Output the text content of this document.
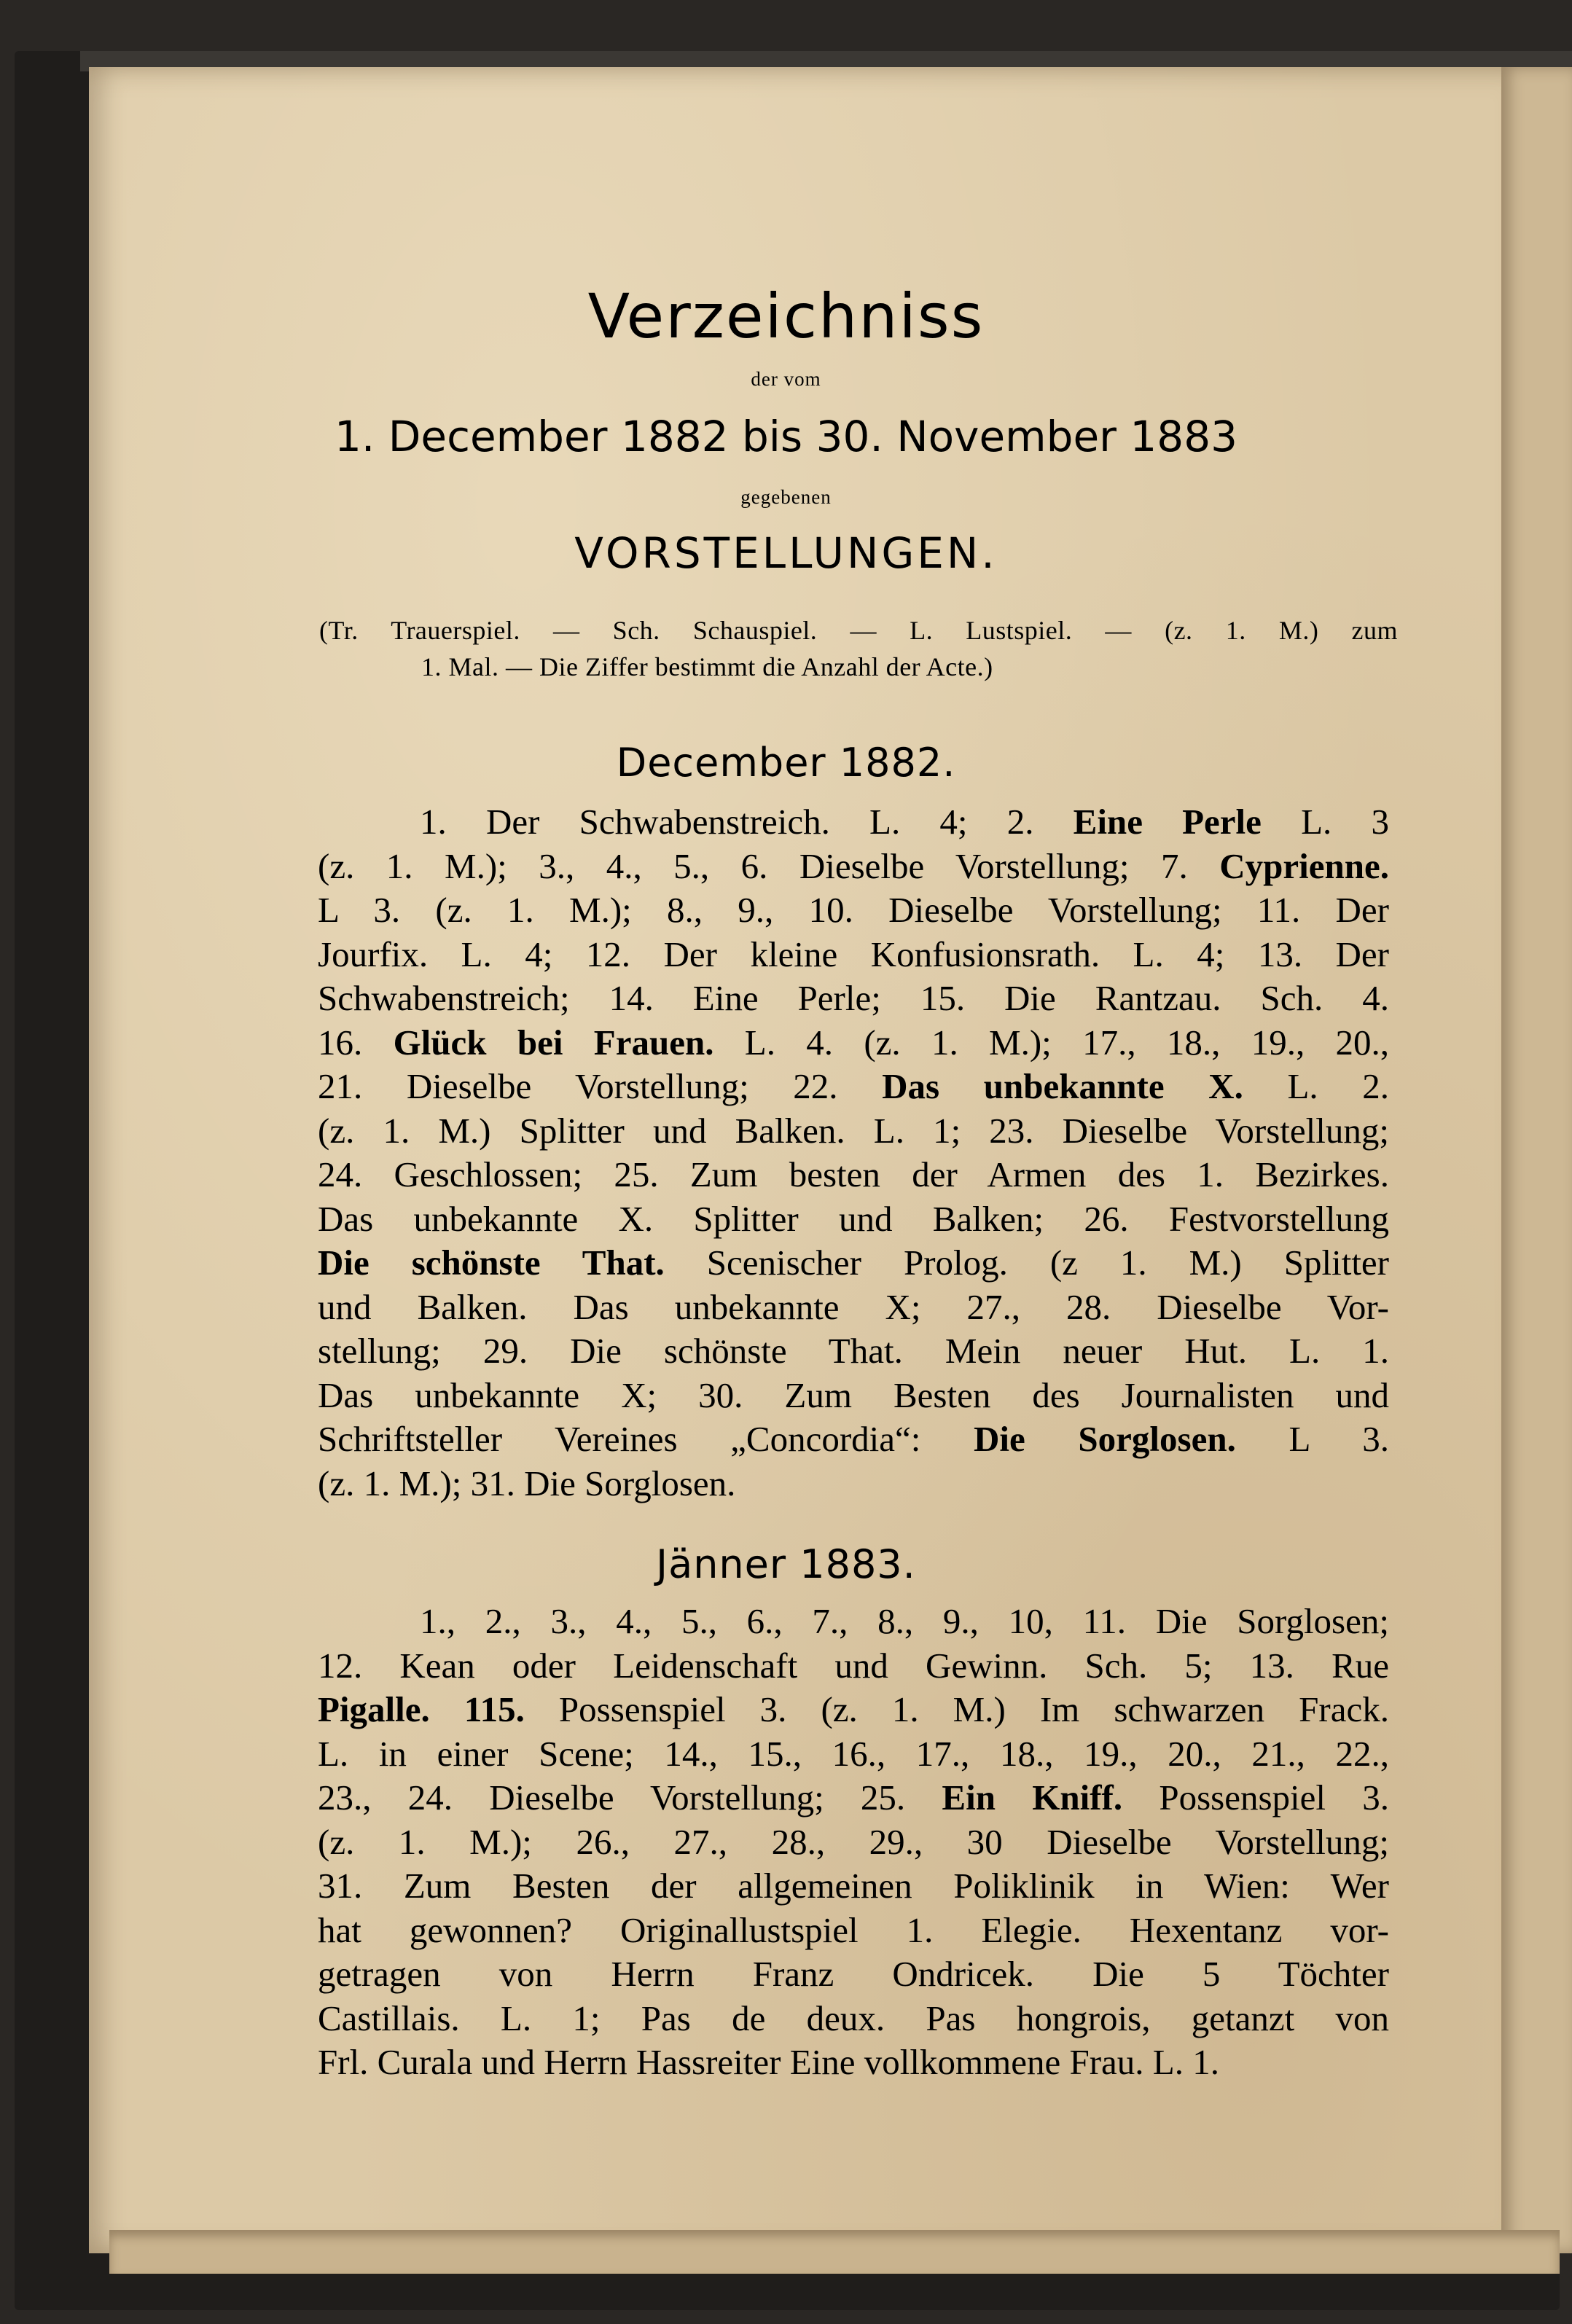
Verzeichniss
der vom
1. December 1882 bis 30. November 1883
gegebenen
VORSTELLUNGEN.
(Tr. Trauerspiel. — Sch. Schauspiel. — L. Lustspiel. — (z. 1. M.) zum
1. Mal. — Die Ziffer bestimmt die Anzahl der Acte.)
December 1882.
1. Der Schwabenstreich. L. 4; 2. Eine Perle L. 3
(z. 1. M.); 3., 4., 5., 6. Dieselbe Vorstellung; 7. Cyprienne.
L 3. (z. 1. M.); 8., 9., 10. Dieselbe Vorstellung; 11. Der
Jourfix. L. 4; 12. Der kleine Konfusionsrath. L. 4; 13. Der
Schwabenstreich; 14. Eine Perle; 15. Die Rantzau. Sch. 4.
16. Glück bei Frauen. L. 4. (z. 1. M.); 17., 18., 19., 20.,
21. Dieselbe Vorstellung; 22. Das unbekannte X. L. 2.
(z. 1. M.) Splitter und Balken. L. 1; 23. Dieselbe Vorstellung;
24. Geschlossen; 25. Zum besten der Armen des 1. Bezirkes.
Das unbekannte X. Splitter und Balken; 26. Festvorstellung
Die schönste That. Scenischer Prolog. (z 1. M.) Splitter
und Balken. Das unbekannte X; 27., 28. Dieselbe Vor-
stellung; 29. Die schönste That. Mein neuer Hut. L. 1.
Das unbekannte X; 30. Zum Besten des Journalisten und
Schriftsteller Vereines „Concordia“: Die Sorglosen. L 3.
(z. 1. M.); 31. Die Sorglosen.
Jänner 1883.
1., 2., 3., 4., 5., 6., 7., 8., 9., 10, 11. Die Sorglosen;
12. Kean oder Leidenschaft und Gewinn. Sch. 5; 13. Rue
Pigalle. 115. Possenspiel 3. (z. 1. M.) Im schwarzen Frack.
L. in einer Scene; 14., 15., 16., 17., 18., 19., 20., 21., 22.,
23., 24. Dieselbe Vorstellung; 25. Ein Kniff. Possenspiel 3.
(z. 1. M.); 26., 27., 28., 29., 30 Dieselbe Vorstellung;
31. Zum Besten der allgemeinen Poliklinik in Wien: Wer
hat gewonnen? Originallustspiel 1. Elegie. Hexentanz vor-
getragen von Herrn Franz Ondricek. Die 5 Töchter
Castillais. L. 1; Pas de deux. Pas hongrois, getanzt von
Frl. Curala und Herrn Hassreiter Eine vollkommene Frau. L. 1.
